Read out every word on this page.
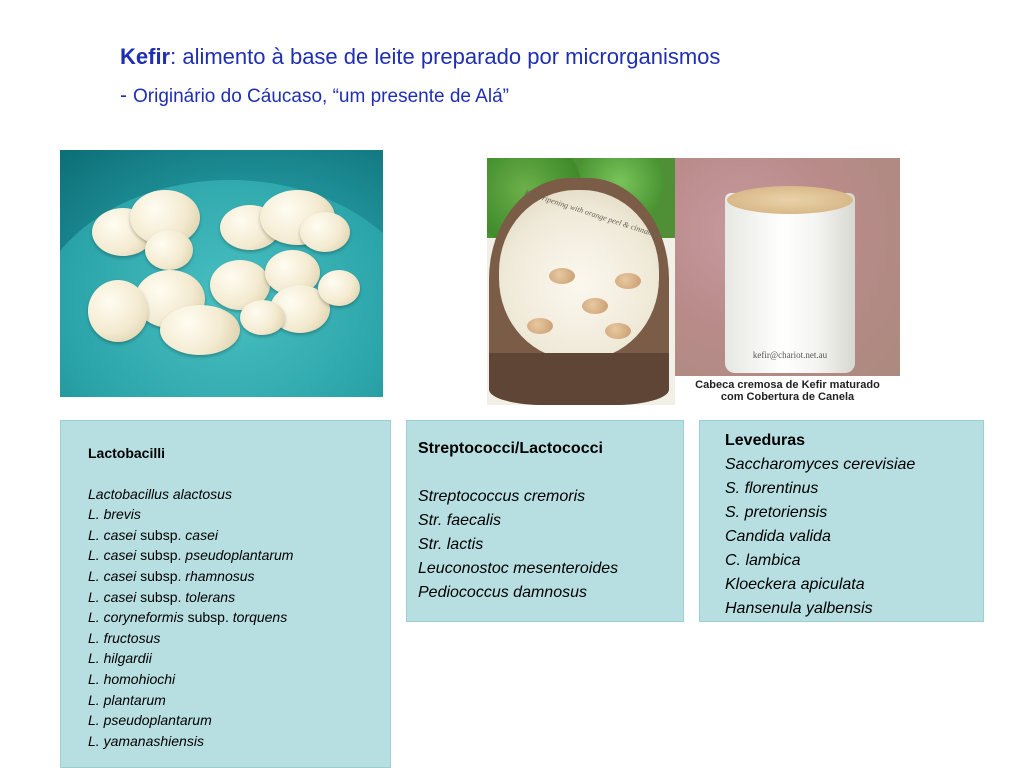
Kefir: alimento à base de leite preparado por microrganismos
- Originário do Cáucaso, “um presente de Alá”
Kefir ripening with orange peel & cinnamon
kefir@chariot.net.au
Cabeca cremosa de Kefir maturado
com Cobertura de Canela
Lactobacilli
Lactobacillus alactosus
L. brevis
L. casei subsp. casei
L. casei subsp. pseudoplantarum
L. casei subsp. rhamnosus
L. casei subsp. tolerans
L. coryneformis subsp. torquens
L. fructosus
L. hilgardii
L. homohiochi
L. plantarum
L. pseudoplantarum
L. yamanashiensis
Streptococci/Lactococci
Streptococcus cremoris
Str. faecalis
Str. lactis
Leuconostoc mesenteroides
Pediococcus damnosus
Leveduras
Saccharomyces cerevisiae
S. florentinus
S. pretoriensis
Candida valida
C. lambica
Kloeckera apiculata
Hansenula yalbensis
